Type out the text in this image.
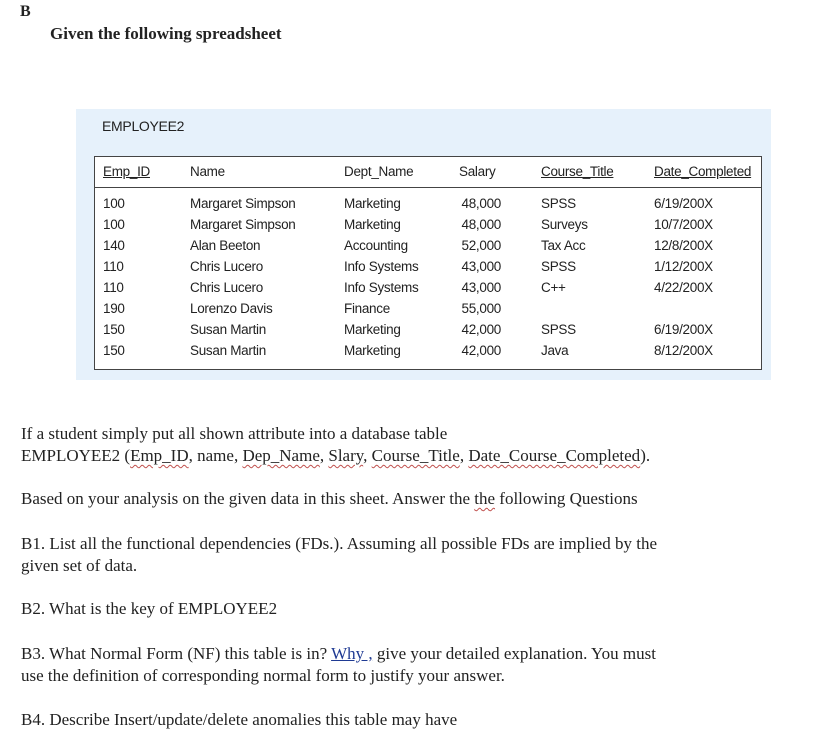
B
Given the following spreadsheet
EMPLOYEE2
Emp_ID	Name	Dept_Name	Salary	Course_Title	Date_Completed
100	Margaret Simpson	Marketing	48,000	SPSS	6/19/200X
100	Margaret Simpson	Marketing	48,000	Surveys	10/7/200X
140	Alan Beeton	Accounting	52,000	Tax Acc	12/8/200X
110	Chris Lucero	Info Systems	43,000	SPSS	1/12/200X
110	Chris Lucero	Info Systems	43,000	C++	4/22/200X
190	Lorenzo Davis	Finance	55,000
150	Susan Martin	Marketing	42,000	SPSS	6/19/200X
150	Susan Martin	Marketing	42,000	Java	8/12/200X
If a student simply put all shown attribute into a database table
EMPLOYEE2 (Emp_ID, name, Dep_Name, Slary, Course_Title, Date_Course_Completed).
Based on your analysis on the given data in this sheet. Answer the the following Questions
B1. List all the functional dependencies (FDs.). Assuming all possible FDs are implied by the
given set of data.
B2. What is the key of EMPLOYEE2
B3. What Normal Form (NF) this table is in? Why , give your detailed explanation. You must
use the definition of corresponding normal form to justify your answer.
B4. Describe Insert/update/delete anomalies this table may have
